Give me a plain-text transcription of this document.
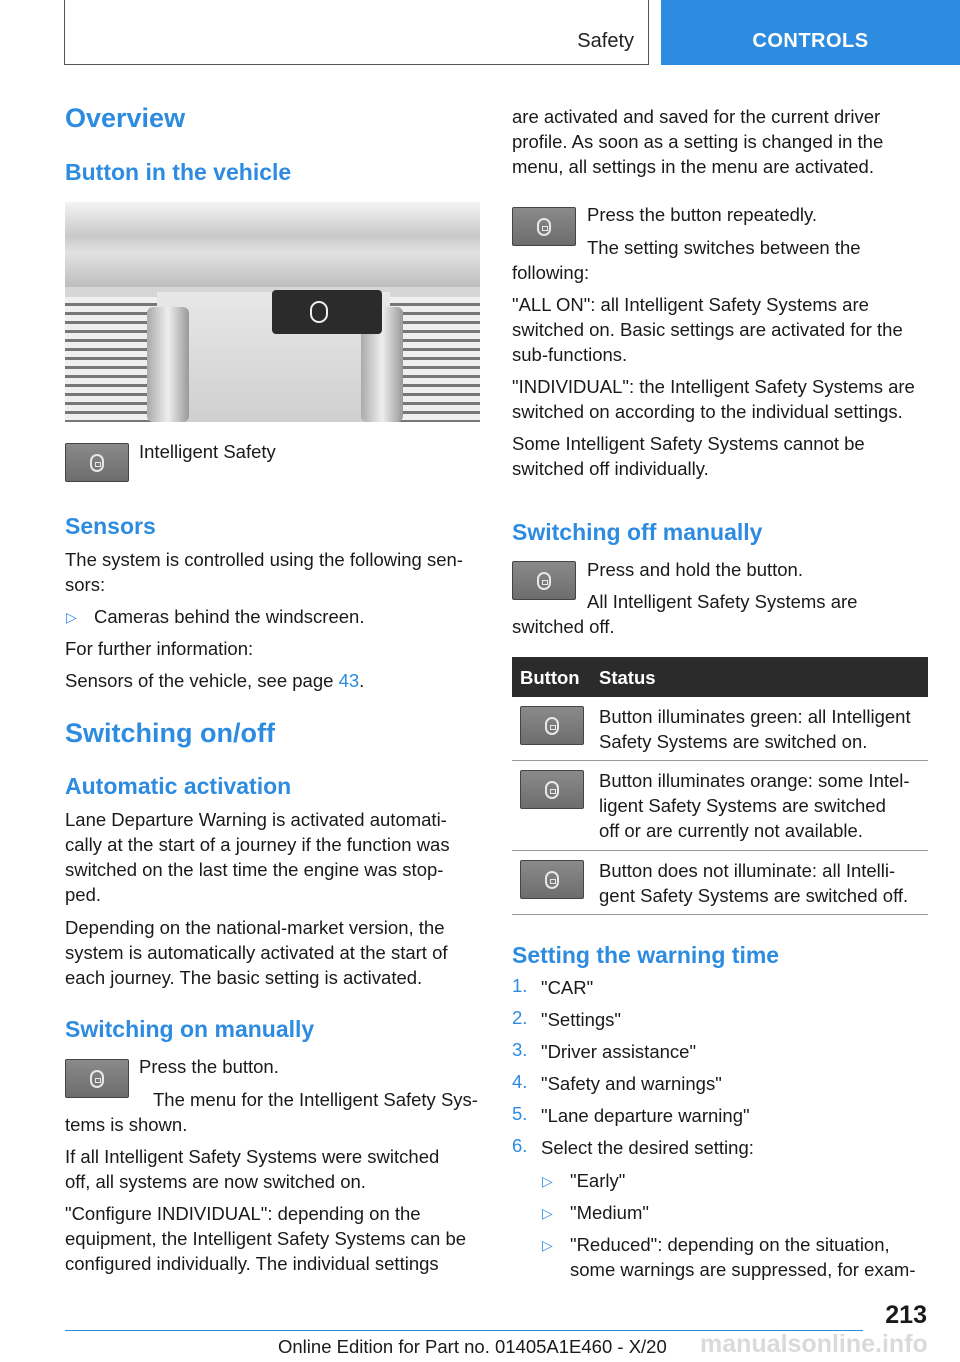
Safety	CONTROLS
Overview
Button in the vehicle
Intelligent Safety
Sensors
The system is controlled using the following sen-
sors:
▷ Cameras behind the windscreen.
For further information:
Sensors of the vehicle, see page 43.
Switching on/off
Automatic activation
Lane Departure Warning is activated automati-
cally at the start of a journey if the function was
switched on the last time the engine was stop-
ped.
Depending on the national-market version, the
system is automatically activated at the start of
each journey. The basic setting is activated.
Switching on manually
Press the button.
The menu for the Intelligent Safety Sys-
tems is shown.
If all Intelligent Safety Systems were switched
off, all systems are now switched on.
"Configure INDIVIDUAL": depending on the
equipment, the Intelligent Safety Systems can be
configured individually. The individual settings
are activated and saved for the current driver
profile. As soon as a setting is changed in the
menu, all settings in the menu are activated.
Press the button repeatedly.
The setting switches between the
following:
"ALL ON": all Intelligent Safety Systems are
switched on. Basic settings are activated for the
sub-functions.
"INDIVIDUAL": the Intelligent Safety Systems are
switched on according to the individual settings.
Some Intelligent Safety Systems cannot be
switched off individually.
Switching off manually
Press and hold the button.
All Intelligent Safety Systems are
switched off.
Button Status
Button illuminates green: all Intelligent
Safety Systems are switched on.
Button illuminates orange: some Intel-
ligent Safety Systems are switched
off or are currently not available.
Button does not illuminate: all Intelli-
gent Safety Systems are switched off.
Setting the warning time
1. "CAR"
2. "Settings"
3. "Driver assistance"
4. "Safety and warnings"
5. "Lane departure warning"
6. Select the desired setting:
▷ "Early"
▷ "Medium"
▷ "Reduced": depending on the situation,
some warnings are suppressed, for exam-
213
Online Edition for Part no. 01405A1E460 - X/20 manualsonline.info
